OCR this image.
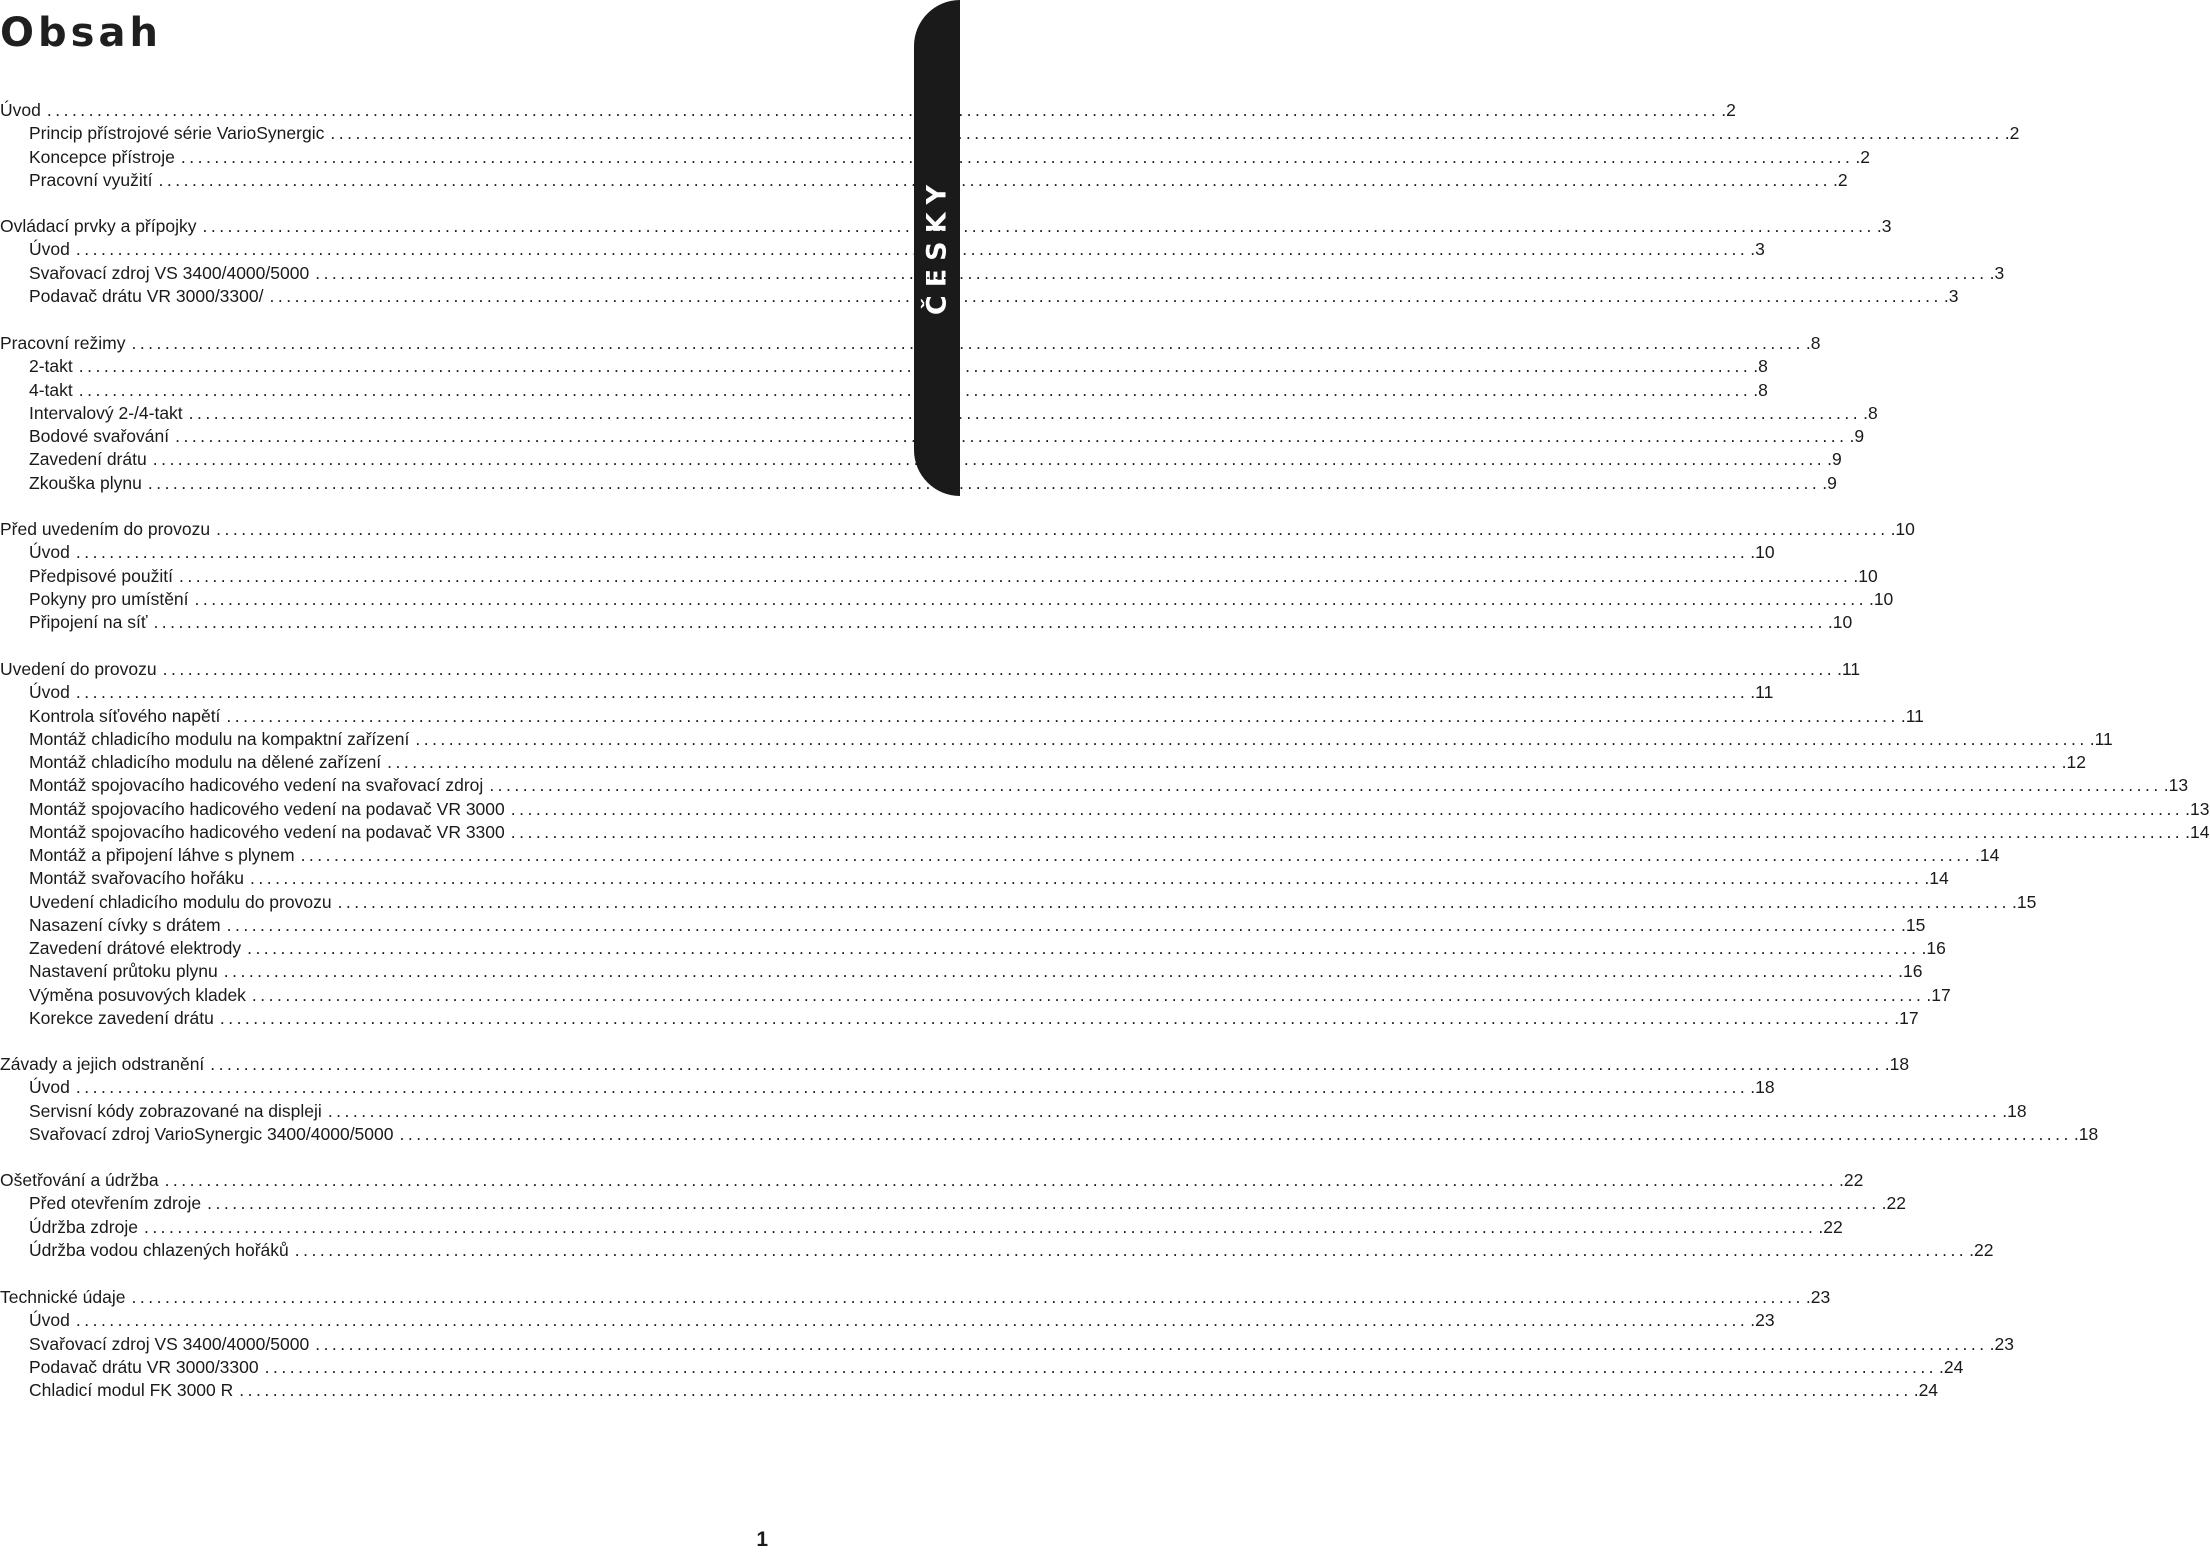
Obsah
ČESKY
Úvod ........................................................................................................................................................................................................ .2
Princip přístrojové série VarioSynergic ........................................................................................................................................................................................................ .2
Koncepce přístroje ........................................................................................................................................................................................................ .2
Pracovní využití ........................................................................................................................................................................................................ .2
Ovládací prvky a přípojky ........................................................................................................................................................................................................ .3
Úvod ........................................................................................................................................................................................................ .3
Svařovací zdroj VS 3400/4000/5000 ........................................................................................................................................................................................................ .3
Podavač drátu VR 3000/3300/ ........................................................................................................................................................................................................ .3
Pracovní režimy ........................................................................................................................................................................................................ .8
2-takt ........................................................................................................................................................................................................ .8
4-takt ........................................................................................................................................................................................................ .8
Intervalový 2-/4-takt ........................................................................................................................................................................................................ .8
Bodové svařování ........................................................................................................................................................................................................ .9
Zavedení drátu ........................................................................................................................................................................................................ .9
Zkouška plynu ........................................................................................................................................................................................................ .9
Před uvedením do provozu ........................................................................................................................................................................................................ .10
Úvod ........................................................................................................................................................................................................ .10
Předpisové použití ........................................................................................................................................................................................................ .10
Pokyny pro umístění ........................................................................................................................................................................................................ .10
Připojení na síť ........................................................................................................................................................................................................ .10
Uvedení do provozu ........................................................................................................................................................................................................ .11
Úvod ........................................................................................................................................................................................................ .11
Kontrola síťového napětí ........................................................................................................................................................................................................ .11
Montáž chladicího modulu na kompaktní zařízení ........................................................................................................................................................................................................ .11
Montáž chladicího modulu na dělené zařízení ........................................................................................................................................................................................................ .12
Montáž spojovacího hadicového vedení na svařovací zdroj ........................................................................................................................................................................................................ .13
Montáž spojovacího hadicového vedení na podavač VR 3000 ........................................................................................................................................................................................................ .13
Montáž spojovacího hadicového vedení na podavač VR 3300 ........................................................................................................................................................................................................ .14
Montáž a připojení láhve s plynem ........................................................................................................................................................................................................ .14
Montáž svařovacího hořáku ........................................................................................................................................................................................................ .14
Uvedení chladicího modulu do provozu ........................................................................................................................................................................................................ .15
Nasazení cívky s drátem ........................................................................................................................................................................................................ .15
Zavedení drátové elektrody ........................................................................................................................................................................................................ .16
Nastavení průtoku plynu ........................................................................................................................................................................................................ .16
Výměna posuvových kladek ........................................................................................................................................................................................................ .17
Korekce zavedení drátu ........................................................................................................................................................................................................ .17
Závady a jejich odstranění ........................................................................................................................................................................................................ .18
Úvod ........................................................................................................................................................................................................ .18
Servisní kódy zobrazované na displeji ........................................................................................................................................................................................................ .18
Svařovací zdroj VarioSynergic 3400/4000/5000 ........................................................................................................................................................................................................ .18
Ošetřování a údržba ........................................................................................................................................................................................................ .22
Před otevřením zdroje ........................................................................................................................................................................................................ .22
Údržba zdroje ........................................................................................................................................................................................................ .22
Údržba vodou chlazených hořáků ........................................................................................................................................................................................................ .22
Technické údaje ........................................................................................................................................................................................................ .23
Úvod ........................................................................................................................................................................................................ .23
Svařovací zdroj VS 3400/4000/5000 ........................................................................................................................................................................................................ .23
Podavač drátu VR 3000/3300 ........................................................................................................................................................................................................ .24
Chladicí modul FK 3000 R ........................................................................................................................................................................................................ .24
1
